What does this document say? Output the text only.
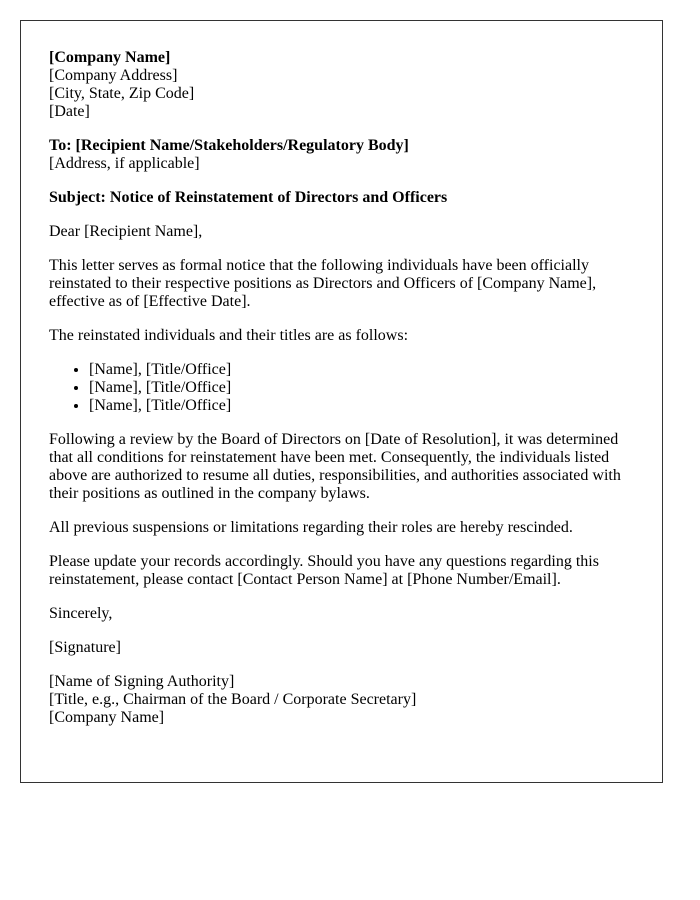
[Company Name]
[Company Address]
[City, State, Zip Code]
[Date]

To: [Recipient Name/Stakeholders/Regulatory Body]
[Address, if applicable]

Subject: Notice of Reinstatement of Directors and Officers

Dear [Recipient Name],

This letter serves as formal notice that the following individuals have been officially reinstated to their respective positions as Directors and Officers of [Company Name], effective as of [Effective Date].

The reinstated individuals and their titles are as follows:

• [Name], [Title/Office]
• [Name], [Title/Office]
• [Name], [Title/Office]

Following a review by the Board of Directors on [Date of Resolution], it was determined that all conditions for reinstatement have been met. Consequently, the individuals listed above are authorized to resume all duties, responsibilities, and authorities associated with their positions as outlined in the company bylaws.

All previous suspensions or limitations regarding their roles are hereby rescinded.

Please update your records accordingly. Should you have any questions regarding this reinstatement, please contact [Contact Person Name] at [Phone Number/Email].

Sincerely,

[Signature]

[Name of Signing Authority]
[Title, e.g., Chairman of the Board / Corporate Secretary]
[Company Name]
